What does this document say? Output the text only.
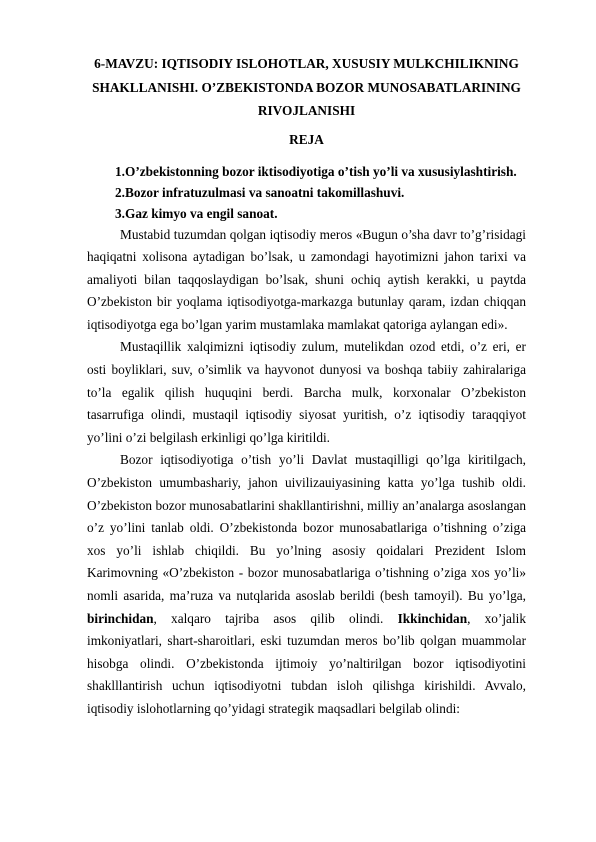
6-MAVZU: IQTISODIY ISLOHOTLAR, XUSUSIY MULKCHILIKNING
SHAKLLANISHI. O’ZBEKISTONDA BOZOR MUNOSABATLARINING
RIVOJLANISHI
REJA
1.O’zbekistonning bozor iktisodiyotiga o’tish yo’li va xususiylashtirish.
2.Bozor infratuzulmasi va sanoatni takomillashuvi.
3.Gaz kimyo va engil sanoat.

Mustabid tuzumdan qolgan iqtisodiy meros «Bugun o’sha davr to’g’risidagi haqiqatni xolisona aytadigan bo’lsak, u zamondagi hayotimizni jahon tarixi va amaliyoti bilan taqqoslaydigan bo’lsak, shuni ochiq aytish kerakki, u paytda O’zbekiston bir yoqlama iqtisodiyotga-markazga butunlay qaram, izdan chiqqan iqtisodiyotga ega bo’lgan yarim mustamlaka mamlakat qatoriga aylangan edi».

Mustaqillik xalqimizni iqtisodiy zulum, mutelikdan ozod etdi, o’z eri, er osti boyliklari, suv, o’simlik va hayvonot dunyosi va boshqa tabiiy zahiralariga to’la egalik qilish huquqini berdi. Barcha mulk, korxonalar O’zbekiston tasarrufiga olindi, mustaqil iqtisodiy siyosat yuritish, o’z iqtisodiy taraqqiyot yo’lini o’zi belgilash erkinligi qo’lga kiritildi.

Bozor iqtisodiyotiga o’tish yo’li Davlat mustaqilligi qo’lga kiritilgach, O’zbekiston umumbashariy, jahon uivilizauiyasining katta yo’lga tushib oldi. O’zbekiston bozor munosabatlarini shakllantirishni, milliy an’analarga asoslangan o’z yo’lini tanlab oldi. O’zbekistonda bozor munosabatlariga o’tishning o’ziga xos yo’li ishlab chiqildi. Bu yo’lning asosiy qoidalari Prezident Islom Karimovning «O’zbekiston - bozor munosabatlariga o’tishning o’ziga xos yo’li» nomli asarida, ma’ruza va nutqlarida asoslab berildi (besh tamoyil). Bu yo’lga, birinchidan, xalqaro tajriba asos qilib olindi. Ikkinchidan, xo’jalik imkoniyatlari, shart-sharoitlari, eski tuzumdan meros bo’lib qolgan muammolar hisobga olindi. O’zbekistonda ijtimoiy yo’naltirilgan bozor iqtisodiyotini shaklllantirish uchun iqtisodiyotni tubdan isloh qilishga kirishildi. Avvalo, iqtisodiy islohotlarning qo’yidagi strategik maqsadlari belgilab olindi:
